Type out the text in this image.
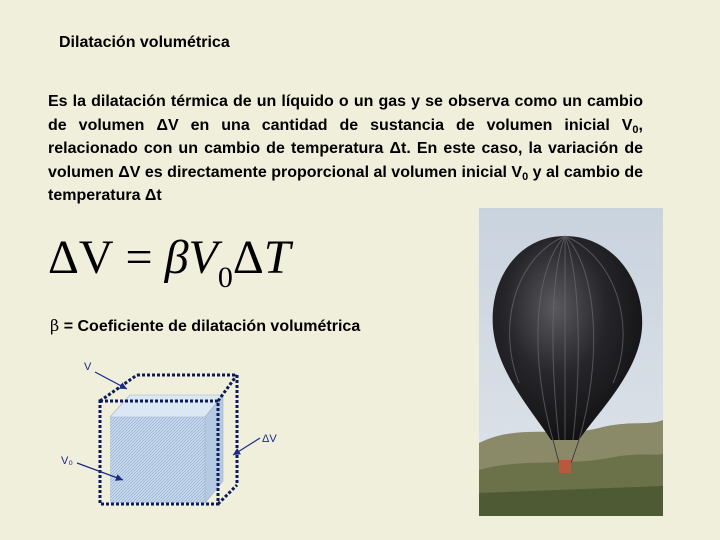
Dilatación volumétrica
Es la dilatación térmica de un líquido o un gas y se observa como un cambio de volumen ΔV en una cantidad de sustancia de volumen inicial $V_0$, relacionado con un cambio de temperatura Δt. En este caso, la variación de volumen ΔV es directamente proporcional al volumen inicial $V_0$ y al cambio de temperatura Δt
$\Delta V = \beta V_0\Delta T$
β = Coeficiente de dilatación volumétrica
V
V₀
ΔV
